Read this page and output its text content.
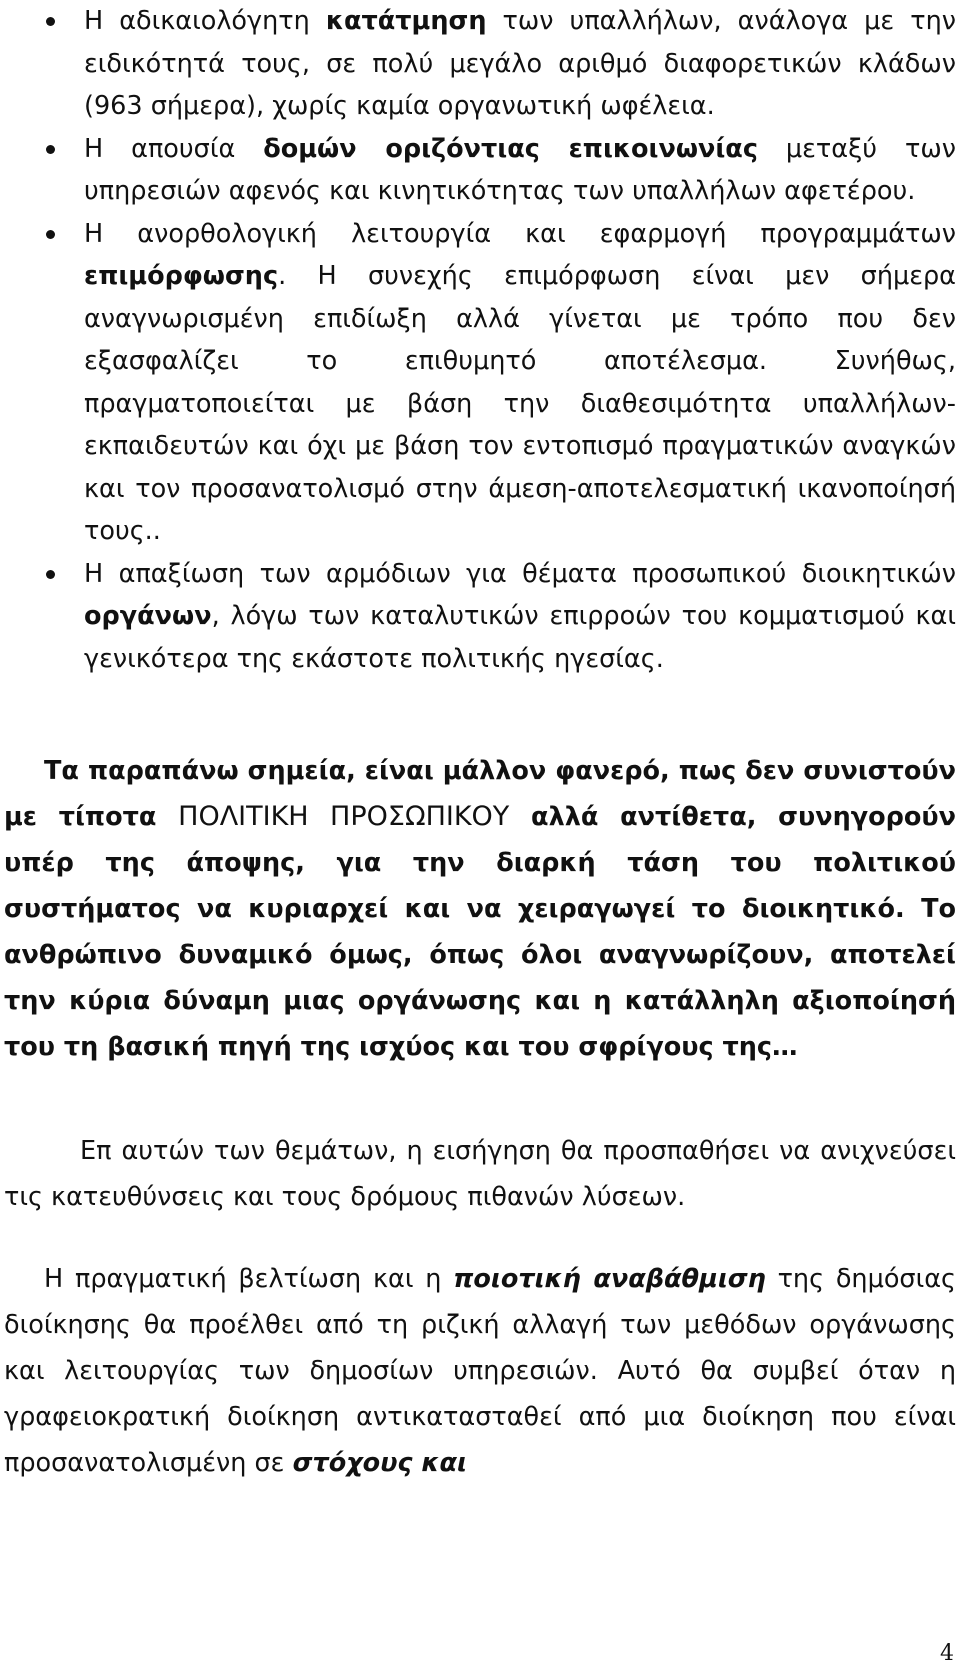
Η αδικαιολόγητη κατάτμηση των υπαλλήλων, ανάλογα με την ειδικότητά τους, σε πολύ μεγάλο αριθμό διαφορετικών κλάδων (963 σήμερα), χωρίς καμία οργανωτική ωφέλεια.
Η απουσία δομών οριζόντιας επικοινωνίας μεταξύ των υπηρεσιών αφενός και κινητικότητας των υπαλλήλων αφετέρου.
Η ανορθολογική λειτουργία και εφαρμογή προγραμμάτων επιμόρφωσης. Η συνεχής επιμόρφωση είναι μεν σήμερα αναγνωρισμένη επιδίωξη αλλά γίνεται με τρόπο που δεν εξασφαλίζει το επιθυμητό αποτέλεσμα. Συνήθως, πραγματοποιείται με βάση την διαθεσιμότητα υπαλλήλων-εκπαιδευτών και όχι με βάση τον εντοπισμό πραγματικών αναγκών και τον προσανατολισμό στην άμεση-αποτελεσματική ικανοποίησή τους..
Η απαξίωση των αρμόδιων για θέματα προσωπικού διοικητικών οργάνων, λόγω των καταλυτικών επιρροών του κομματισμού και γενικότερα της εκάστοτε πολιτικής ηγεσίας.

Τα παραπάνω σημεία, είναι μάλλον φανερό, πως δεν συνιστούν με τίποτα ΠΟΛΙΤΙΚΗ ΠΡΟΣΩΠΙΚΟΥ αλλά αντίθετα, συνηγορούν υπέρ της άποψης, για την διαρκή τάση του πολιτικού συστήματος να κυριαρχεί και να χειραγωγεί το διοικητικό. Το ανθρώπινο δυναμικό όμως, όπως όλοι αναγνωρίζουν, αποτελεί την κύρια δύναμη μιας οργάνωσης και η κατάλληλη αξιοποίησή του τη βασική πηγή της ισχύος και του σφρίγους της…

Επ αυτών των θεμάτων, η εισήγηση θα προσπαθήσει να ανιχνεύσει τις κατευθύνσεις και τους δρόμους πιθανών λύσεων.

Η πραγματική βελτίωση και η ποιοτική αναβάθμιση της δημόσιας διοίκησης θα προέλθει από τη ριζική αλλαγή των μεθόδων οργάνωσης και λειτουργίας των δημοσίων υπηρεσιών. Αυτό θα συμβεί όταν η γραφειοκρατική διοίκηση αντικατασταθεί από μια διοίκηση που είναι προσανατολισμένη σε στόχους και

4
